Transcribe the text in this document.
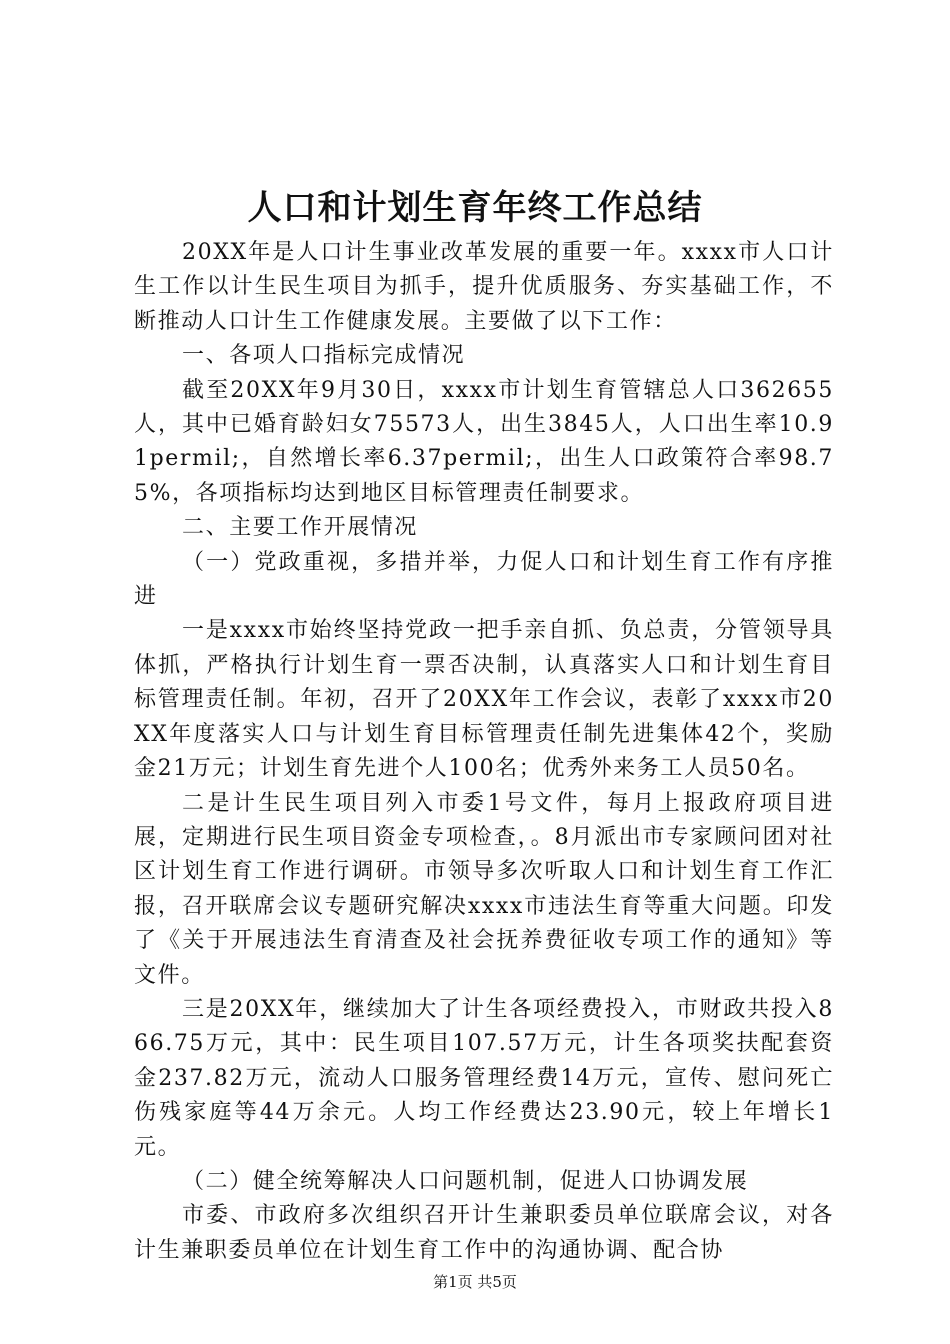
人口和计划生育年终工作总结

20XX年是人口计生事业改革发展的重要一年。xxxx市人口计生工作以计生民生项目为抓手，提升优质服务、夯实基础工作，不断推动人口计生工作健康发展。主要做了以下工作：

一、各项人口指标完成情况

截至20XX年9月30日，xxxx市计划生育管辖总人口362655人，其中已婚育龄妇女75573人，出生3845人，人口出生率10.91permil;，自然增长率6.37permil;，出生人口政策符合率98.75%，各项指标均达到地区目标管理责任制要求。

二、主要工作开展情况

（一）党政重视，多措并举，力促人口和计划生育工作有序推进

一是xxxx市始终坚持党政一把手亲自抓、负总责，分管领导具体抓，严格执行计划生育一票否决制，认真落实人口和计划生育目标管理责任制。年初，召开了20XX年工作会议，表彰了xxxx市20XX年度落实人口与计划生育目标管理责任制先进集体42个，奖励金21万元；计划生育先进个人100名；优秀外来务工人员50名。

二是计生民生项目列入市委1号文件，每月上报政府项目进展，定期进行民生项目资金专项检查，。8月派出市专家顾问团对社区计划生育工作进行调研。市领导多次听取人口和计划生育工作汇报，召开联席会议专题研究解决xxxx市违法生育等重大问题。印发了《关于开展违法生育清查及社会抚养费征收专项工作的通知》等文件。

三是20XX年，继续加大了计生各项经费投入，市财政共投入866.75万元，其中：民生项目107.57万元，计生各项奖扶配套资金237.82万元，流动人口服务管理经费14万元，宣传、慰问死亡伤残家庭等44万余元。人均工作经费达23.90元，较上年增长1元。

（二）健全统筹解决人口问题机制，促进人口协调发展

市委、市政府多次组织召开计生兼职委员单位联席会议，对各计生兼职委员单位在计划生育工作中的沟通协调、配合协

第1页 共5页
